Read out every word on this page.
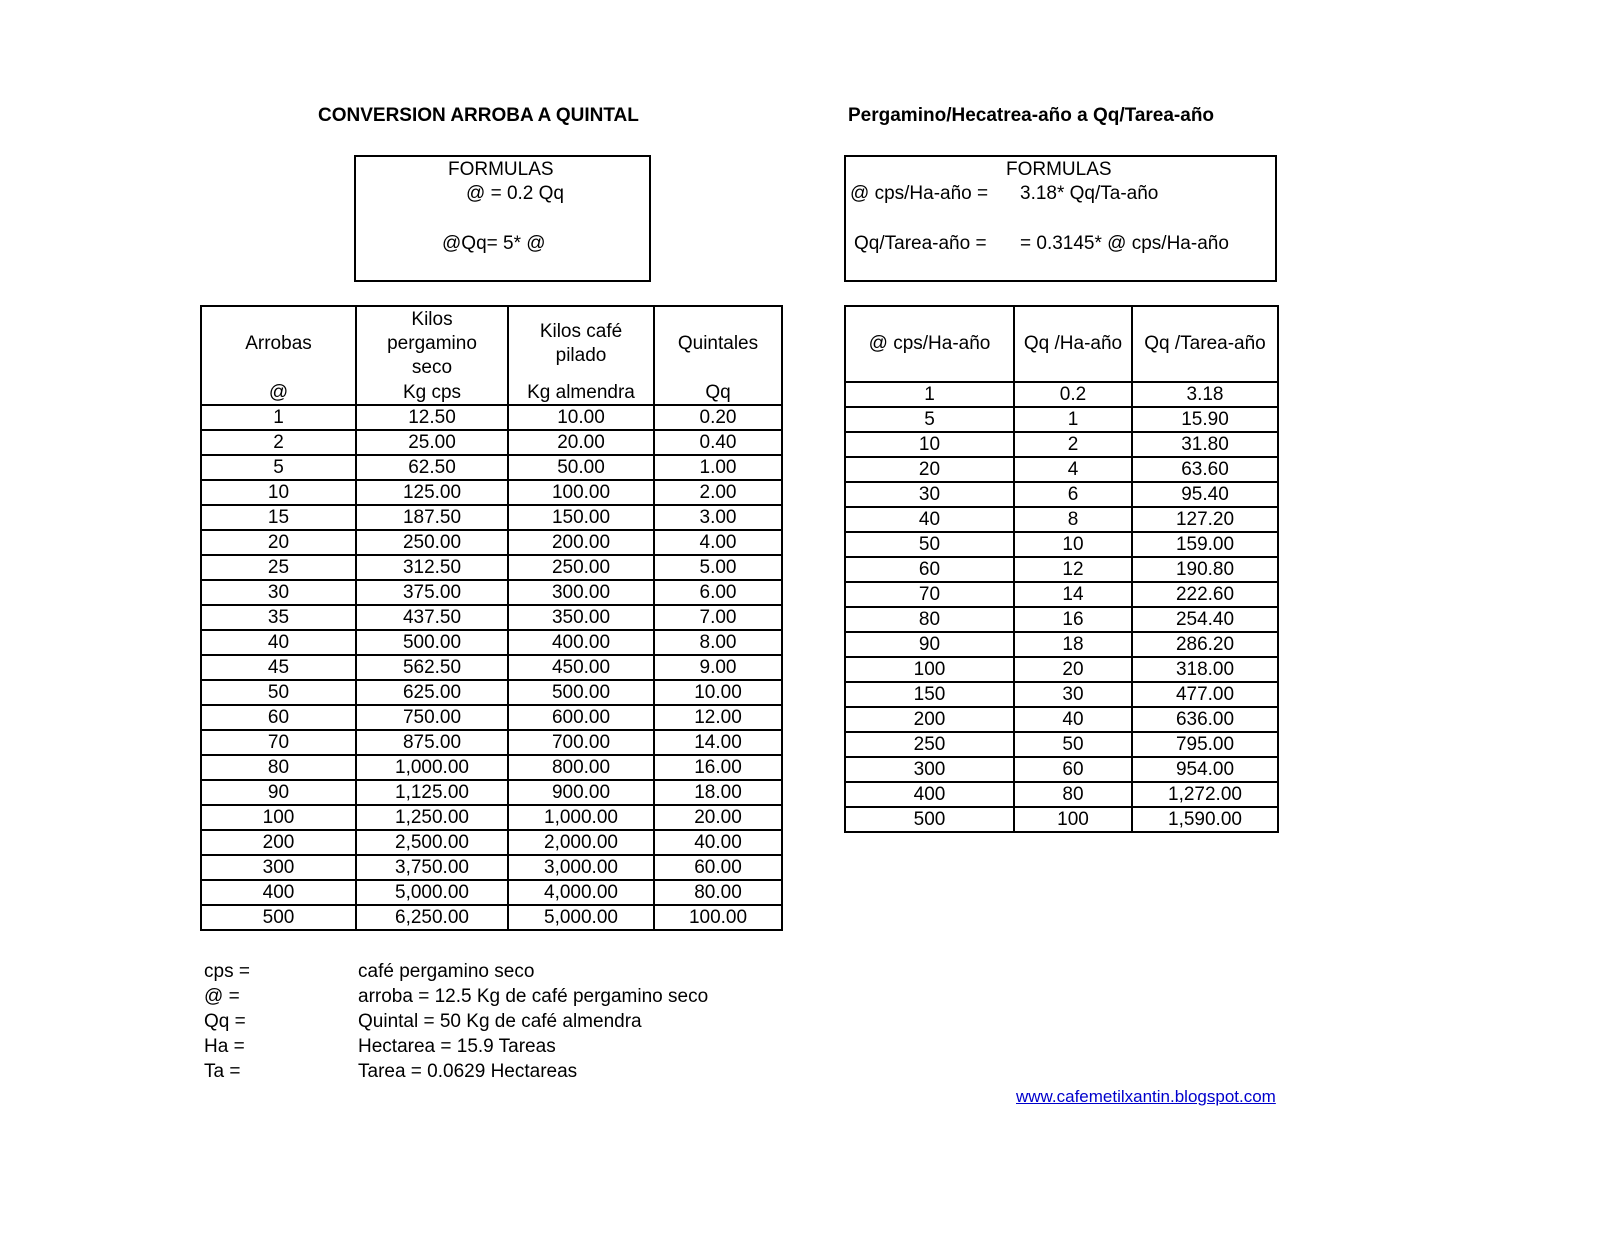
CONVERSION ARROBA A QUINTAL	Pergamino/Hecatrea-año a Qq/Tarea-año
FORMULAS
@ = 0.2 Qq
@Qq= 5* @
FORMULAS
@ cps/Ha-año = 3.18* Qq/Ta-año
Qq/Tarea-año = = 0.3145* @ cps/Ha-año
Arrobas	Kilos pergamino seco	Kilos café pilado	Quintales
@	Kg cps	Kg almendra	Qq
1	12.50	10.00	0.20
2	25.00	20.00	0.40
5	62.50	50.00	1.00
10	125.00	100.00	2.00
15	187.50	150.00	3.00
20	250.00	200.00	4.00
25	312.50	250.00	5.00
30	375.00	300.00	6.00
35	437.50	350.00	7.00
40	500.00	400.00	8.00
45	562.50	450.00	9.00
50	625.00	500.00	10.00
60	750.00	600.00	12.00
70	875.00	700.00	14.00
80	1,000.00	800.00	16.00
90	1,125.00	900.00	18.00
100	1,250.00	1,000.00	20.00
200	2,500.00	2,000.00	40.00
300	3,750.00	3,000.00	60.00
400	5,000.00	4,000.00	80.00
500	6,250.00	5,000.00	100.00
@ cps/Ha-año	Qq /Ha-año	Qq /Tarea-año
1	0.2	3.18
5	1	15.90
10	2	31.80
20	4	63.60
30	6	95.40
40	8	127.20
50	10	159.00
60	12	190.80
70	14	222.60
80	16	254.40
90	18	286.20
100	20	318.00
150	30	477.00
200	40	636.00
250	50	795.00
300	60	954.00
400	80	1,272.00
500	100	1,590.00
cps =	café pergamino seco
@ =	arroba = 12.5 Kg de café pergamino seco
Qq =	Quintal = 50 Kg de café almendra
Ha =	Hectarea = 15.9 Tareas
Ta =	Tarea = 0.0629 Hectareas
www.cafemetilxantin.blogspot.com
